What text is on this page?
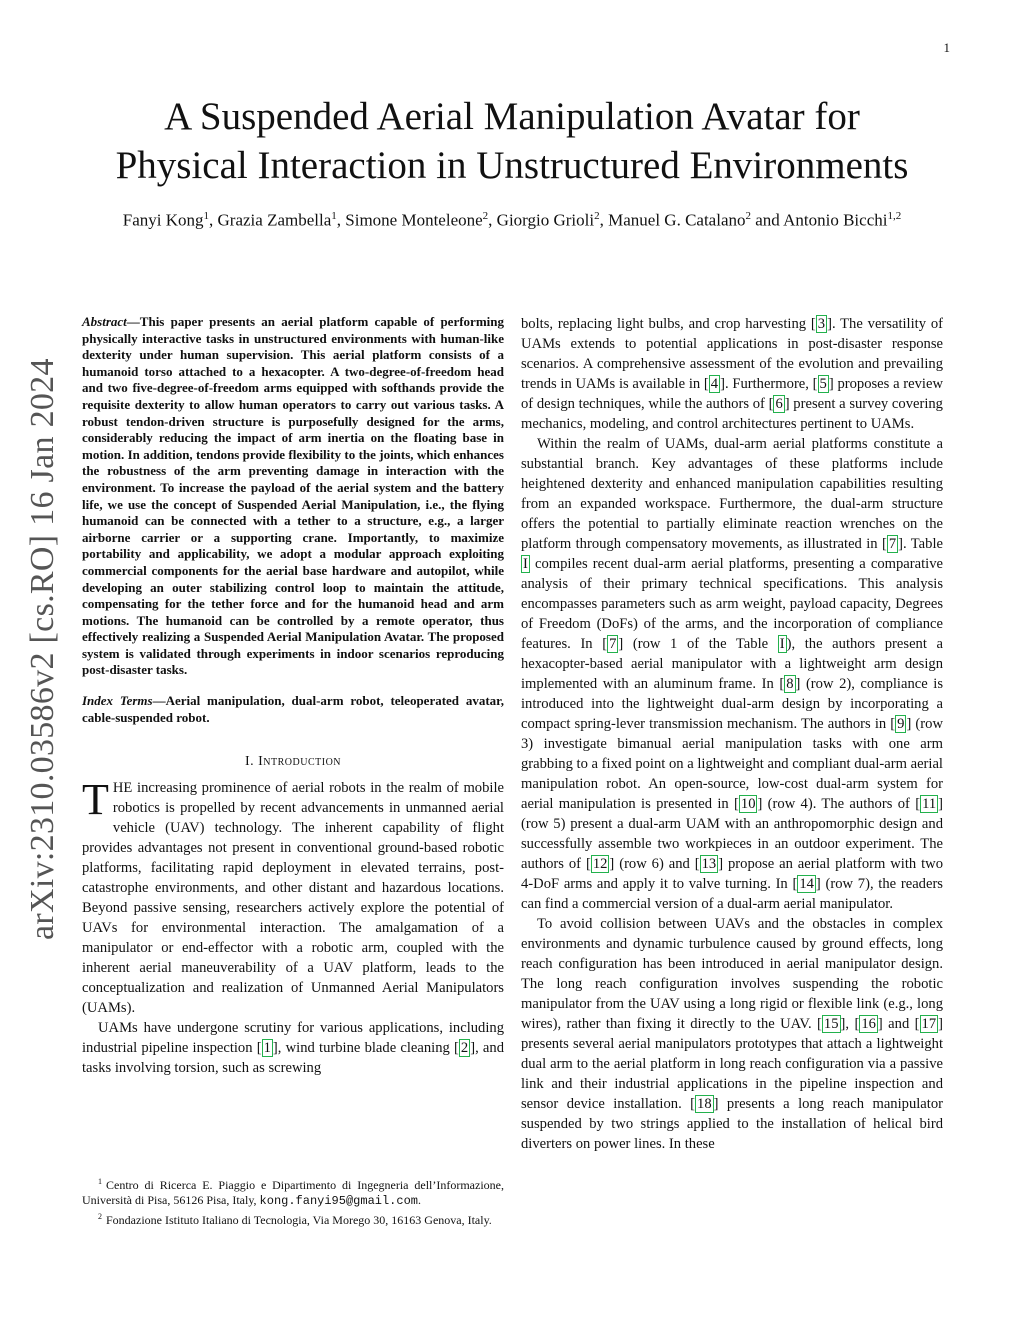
1
arXiv:2310.03586v2 [cs.RO] 16 Jan 2024
A Suspended Aerial Manipulation Avatar for
Physical Interaction in Unstructured Environments
Fanyi Kong$^1$, Grazia Zambella$^1$, Simone Monteleone$^2$, Giorgio Grioli$^2$, Manuel G. Catalano$^2$ and Antonio Bicchi$^{1,2}$

Abstract—This paper presents an aerial platform capable of performing physically interactive tasks in unstructured environments with human-like dexterity under human supervision. This aerial platform consists of a humanoid torso attached to a hexacopter. A two-degree-of-freedom head and two five-degree-of-freedom arms equipped with softhands provide the requisite dexterity to allow human operators to carry out various tasks. A robust tendon-driven structure is purposefully designed for the arms, considerably reducing the impact of arm inertia on the floating base in motion. In addition, tendons provide flexibility to the joints, which enhances the robustness of the arm preventing damage in interaction with the environment. To increase the payload of the aerial system and the battery life, we use the concept of Suspended Aerial Manipulation, i.e., the flying humanoid can be connected with a tether to a structure, e.g., a larger airborne carrier or a supporting crane. Importantly, to maximize portability and applicability, we adopt a modular approach exploiting commercial components for the aerial base hardware and autopilot, while developing an outer stabilizing control loop to maintain the attitude, compensating for the tether force and for the humanoid head and arm motions. The humanoid can be controlled by a remote operator, thus effectively realizing a Suspended Aerial Manipulation Avatar. The proposed system is validated through experiments in indoor scenarios reproducing post-disaster tasks.

Index Terms—Aerial manipulation, dual-arm robot, teleoperated avatar, cable-suspended robot.

I. Introduction

THE increasing prominence of aerial robots in the realm of mobile robotics is propelled by recent advancements in unmanned aerial vehicle (UAV) technology. The inherent capability of flight provides advantages not present in conventional ground-based robotic platforms, facilitating rapid deployment in elevated terrains, post-catastrophe environments, and other distant and hazardous locations. Beyond passive sensing, researchers actively explore the potential of UAVs for environmental interaction. The amalgamation of a manipulator or end-effector with a robotic arm, coupled with the inherent aerial maneuverability of a UAV platform, leads to the conceptualization and realization of Unmanned Aerial Manipulators (UAMs).

UAMs have undergone scrutiny for various applications, including industrial pipeline inspection [ 1 ], wind turbine blade cleaning [ 2 ], and tasks involving torsion, such as screwing

$^1$ Centro di Ricerca E. Piaggio e Dipartimento di Ingegneria dell’Informazione, Università di Pisa, 56126 Pisa, Italy, kong.fanyi95@gmail.com.

$^2$ Fondazione Istituto Italiano di Tecnologia, Via Morego 30, 16163 Genova, Italy.

bolts, replacing light bulbs, and crop harvesting [ 3 ]. The versatility of UAMs extends to potential applications in post-disaster response scenarios. A comprehensive assessment of the evolution and prevailing trends in UAMs is available in [ 4 ]. Furthermore, [ 5 ] proposes a review of design techniques, while the authors of [ 6 ] present a survey covering mechanics, modeling, and control architectures pertinent to UAMs.

Within the realm of UAMs, dual-arm aerial platforms constitute a substantial branch. Key advantages of these platforms include heightened dexterity and enhanced manipulation capabilities resulting from an expanded workspace. Furthermore, the dual-arm structure offers the potential to partially eliminate reaction wrenches on the platform through compensatory movements, as illustrated in [ 7 ]. Table I compiles recent dual-arm aerial platforms, presenting a comparative analysis of their primary technical specifications. This analysis encompasses parameters such as arm weight, payload capacity, Degrees of Freedom (DoFs) of the arms, and the incorporation of compliance features. In [ 7 ] (row 1 of the Table I ), the authors present a hexacopter-based aerial manipulator with a lightweight arm design implemented with an aluminum frame. In [ 8 ] (row 2), compliance is introduced into the lightweight dual-arm design by incorporating a compact spring-lever transmission mechanism. The authors in [ 9 ] (row 3) investigate bimanual aerial manipulation tasks with one arm grabbing to a fixed point on a lightweight and compliant dual-arm aerial manipulation robot. An open-source, low-cost dual-arm system for aerial manipulation is presented in [ 10 ] (row 4). The authors of [ 11 ] (row 5) present a dual-arm UAM with an anthropomorphic design and successfully assemble two workpieces in an outdoor experiment. The authors of [ 12 ] (row 6) and [ 13 ] propose an aerial platform with two 4-DoF arms and apply it to valve turning. In [ 14 ] (row 7), the readers can find a commercial version of a dual-arm aerial manipulator.

To avoid collision between UAVs and the obstacles in complex environments and dynamic turbulence caused by ground effects, long reach configuration has been introduced in aerial manipulator design. The long reach configuration involves suspending the robotic manipulator from the UAV using a long rigid or flexible link (e.g., long wires), rather than fixing it directly to the UAV. [ 15 ], [ 16 ] and [ 17 ] presents several aerial manipulators prototypes that attach a lightweight dual arm to the aerial platform in long reach configuration via a passive link and their industrial applications in the pipeline inspection and sensor device installation. [ 18 ] presents a long reach manipulator suspended by two strings applied to the installation of helical bird diverters on power lines. In these
